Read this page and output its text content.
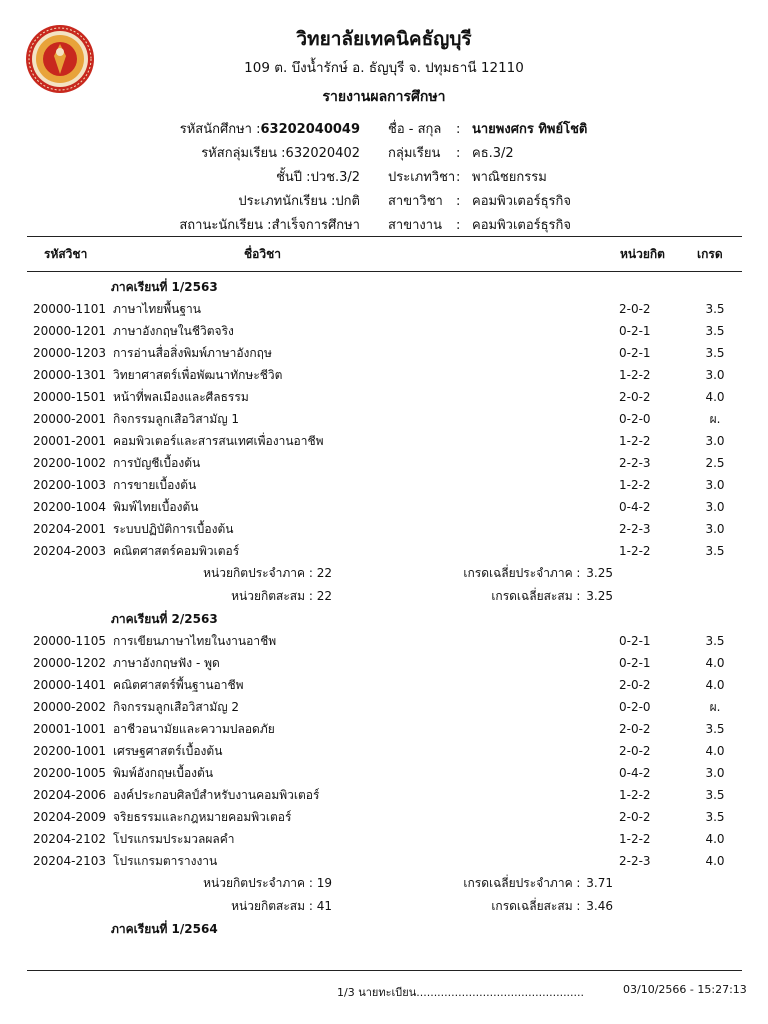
วิทยาลัยเทคนิคธัญบุรี
109 ต. บึงน้ำรักษ์ อ. ธัญบุรี จ. ปทุมธานี 12110
รายงานผลการศึกษา
รหัสนักศึกษา : 63202040049
รหัสกลุ่มเรียน : 632020402
ชั้นปี : ปวช.3/2
ประเภทนักเรียน : ปกติ
สถานะนักเรียน : สำเร็จการศึกษา
ชื่อ - สกุล	: นายพงศกร ทิพย์โชติ
กลุ่มเรียน	: คธ.3/2
ประเภทวิชา : พาณิชยกรรม
สาขาวิชา	: คอมพิวเตอร์ธุรกิจ
สาขางาน	: คอมพิวเตอร์ธุรกิจ
รหัสวิชา	ชื่อวิชา	หน่วยกิต	เกรด
ภาคเรียนที่ 1/2563
20000-1101 ภาษาไทยพื้นฐาน	2-0-2	3.5
20000-1201 ภาษาอังกฤษในชีวิตจริง	0-2-1	3.5
20000-1203 การอ่านสื่อสิ่งพิมพ์ภาษาอังกฤษ	0-2-1	3.5
20000-1301 วิทยาศาสตร์เพื่อพัฒนาทักษะชีวิต	1-2-2	3.0
20000-1501 หน้าที่พลเมืองและศีลธรรม	2-0-2	4.0
20000-2001 กิจกรรมลูกเสือวิสามัญ 1	0-2-0	ผ.
20001-2001 คอมพิวเตอร์และสารสนเทศเพื่องานอาชีพ	1-2-2	3.0
20200-1002 การบัญชีเบื้องต้น	2-2-3	2.5
20200-1003 การขายเบื้องต้น	1-2-2	3.0
20200-1004 พิมพ์ไทยเบื้องต้น	0-4-2	3.0
20204-2001 ระบบปฏิบัติการเบื้องต้น	2-2-3	3.0
20204-2003 คณิตศาสตร์คอมพิวเตอร์	1-2-2	3.5
หน่วยกิตประจำภาค : 22	เกรดเฉลี่ยประจำภาค : 3.25
หน่วยกิตสะสม : 22	เกรดเฉลี่ยสะสม : 3.25
ภาคเรียนที่ 2/2563
20000-1105 การเขียนภาษาไทยในงานอาชีพ	0-2-1	3.5
20000-1202 ภาษาอังกฤษฟัง - พูด	0-2-1	4.0
20000-1401 คณิตศาสตร์พื้นฐานอาชีพ	2-0-2	4.0
20000-2002 กิจกรรมลูกเสือวิสามัญ 2	0-2-0	ผ.
20001-1001 อาชีวอนามัยและความปลอดภัย	2-0-2	3.5
20200-1001 เศรษฐศาสตร์เบื้องต้น	2-0-2	4.0
20200-1005 พิมพ์อังกฤษเบื้องต้น	0-4-2	3.0
20204-2006 องค์ประกอบศิลป์สำหรับงานคอมพิวเตอร์	1-2-2	3.5
20204-2009 จริยธรรมและกฎหมายคอมพิวเตอร์	2-0-2	3.5
20204-2102 โปรแกรมประมวลผลคำ	1-2-2	4.0
20204-2103 โปรแกรมตารางงาน	2-2-3	4.0
หน่วยกิตประจำภาค : 19	เกรดเฉลี่ยประจำภาค : 3.71
หน่วยกิตสะสม : 41	เกรดเฉลี่ยสะสม : 3.46
ภาคเรียนที่ 1/2564
1/3 นายทะเบียน................................................	03/10/2566 - 15:27:13
